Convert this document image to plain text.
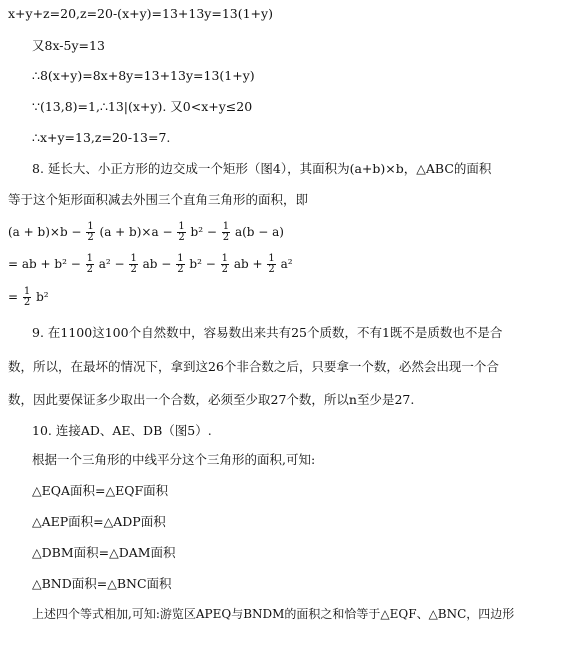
x+y+z=20,z=20-(x+y)=13+13y=13(1+y)
又8x-5y=13
∴8(x+y)=8x+8y=13+13y=13(1+y)
∵(13,8)=1,∴13|(x+y). 又0<x+y≤20
∴x+y=13,z=20-13=7.
8. 延长大、小正方形的边交成一个矩形（图4），其面积为(a+b)×b，△ABC的面积
等于这个矩形面积减去外围三个直角三角形的面积，即
$(a + b)\times b - \frac{1}{2} (a + b)\times a - \frac{1}{2} b^2 - \frac{1}{2} a(b - a)$
= ab + $b^2 - \frac{1}{2} a^2 - \frac{1}{2}$ ab − $\frac{1}{2} b^2 - \frac{1}{2}$ ab + $\frac{1}{2} a^2$
= $\frac{1}{2} b^2$
9. 在1100这100个自然数中，容易数出来共有25个质数，不有1既不是质数也不是合
数，所以，在最坏的情况下，拿到这26个非合数之后，只要拿一个数，必然会出现一个合
数，因此要保证多少取出一个合数，必须至少取27个数，所以n至少是27.
10. 连接AD、AE、DB（图5）.
根据一个三角形的中线平分这个三角形的面积,可知:
△EQA面积=△EQF面积
△AEP面积=△ADP面积
△DBM面积=△DAM面积
△BND面积=△BNC面积
上述四个等式相加,可知:游览区APEQ与BNDM的面积之和恰等于△EQF、△BNC，四边形
